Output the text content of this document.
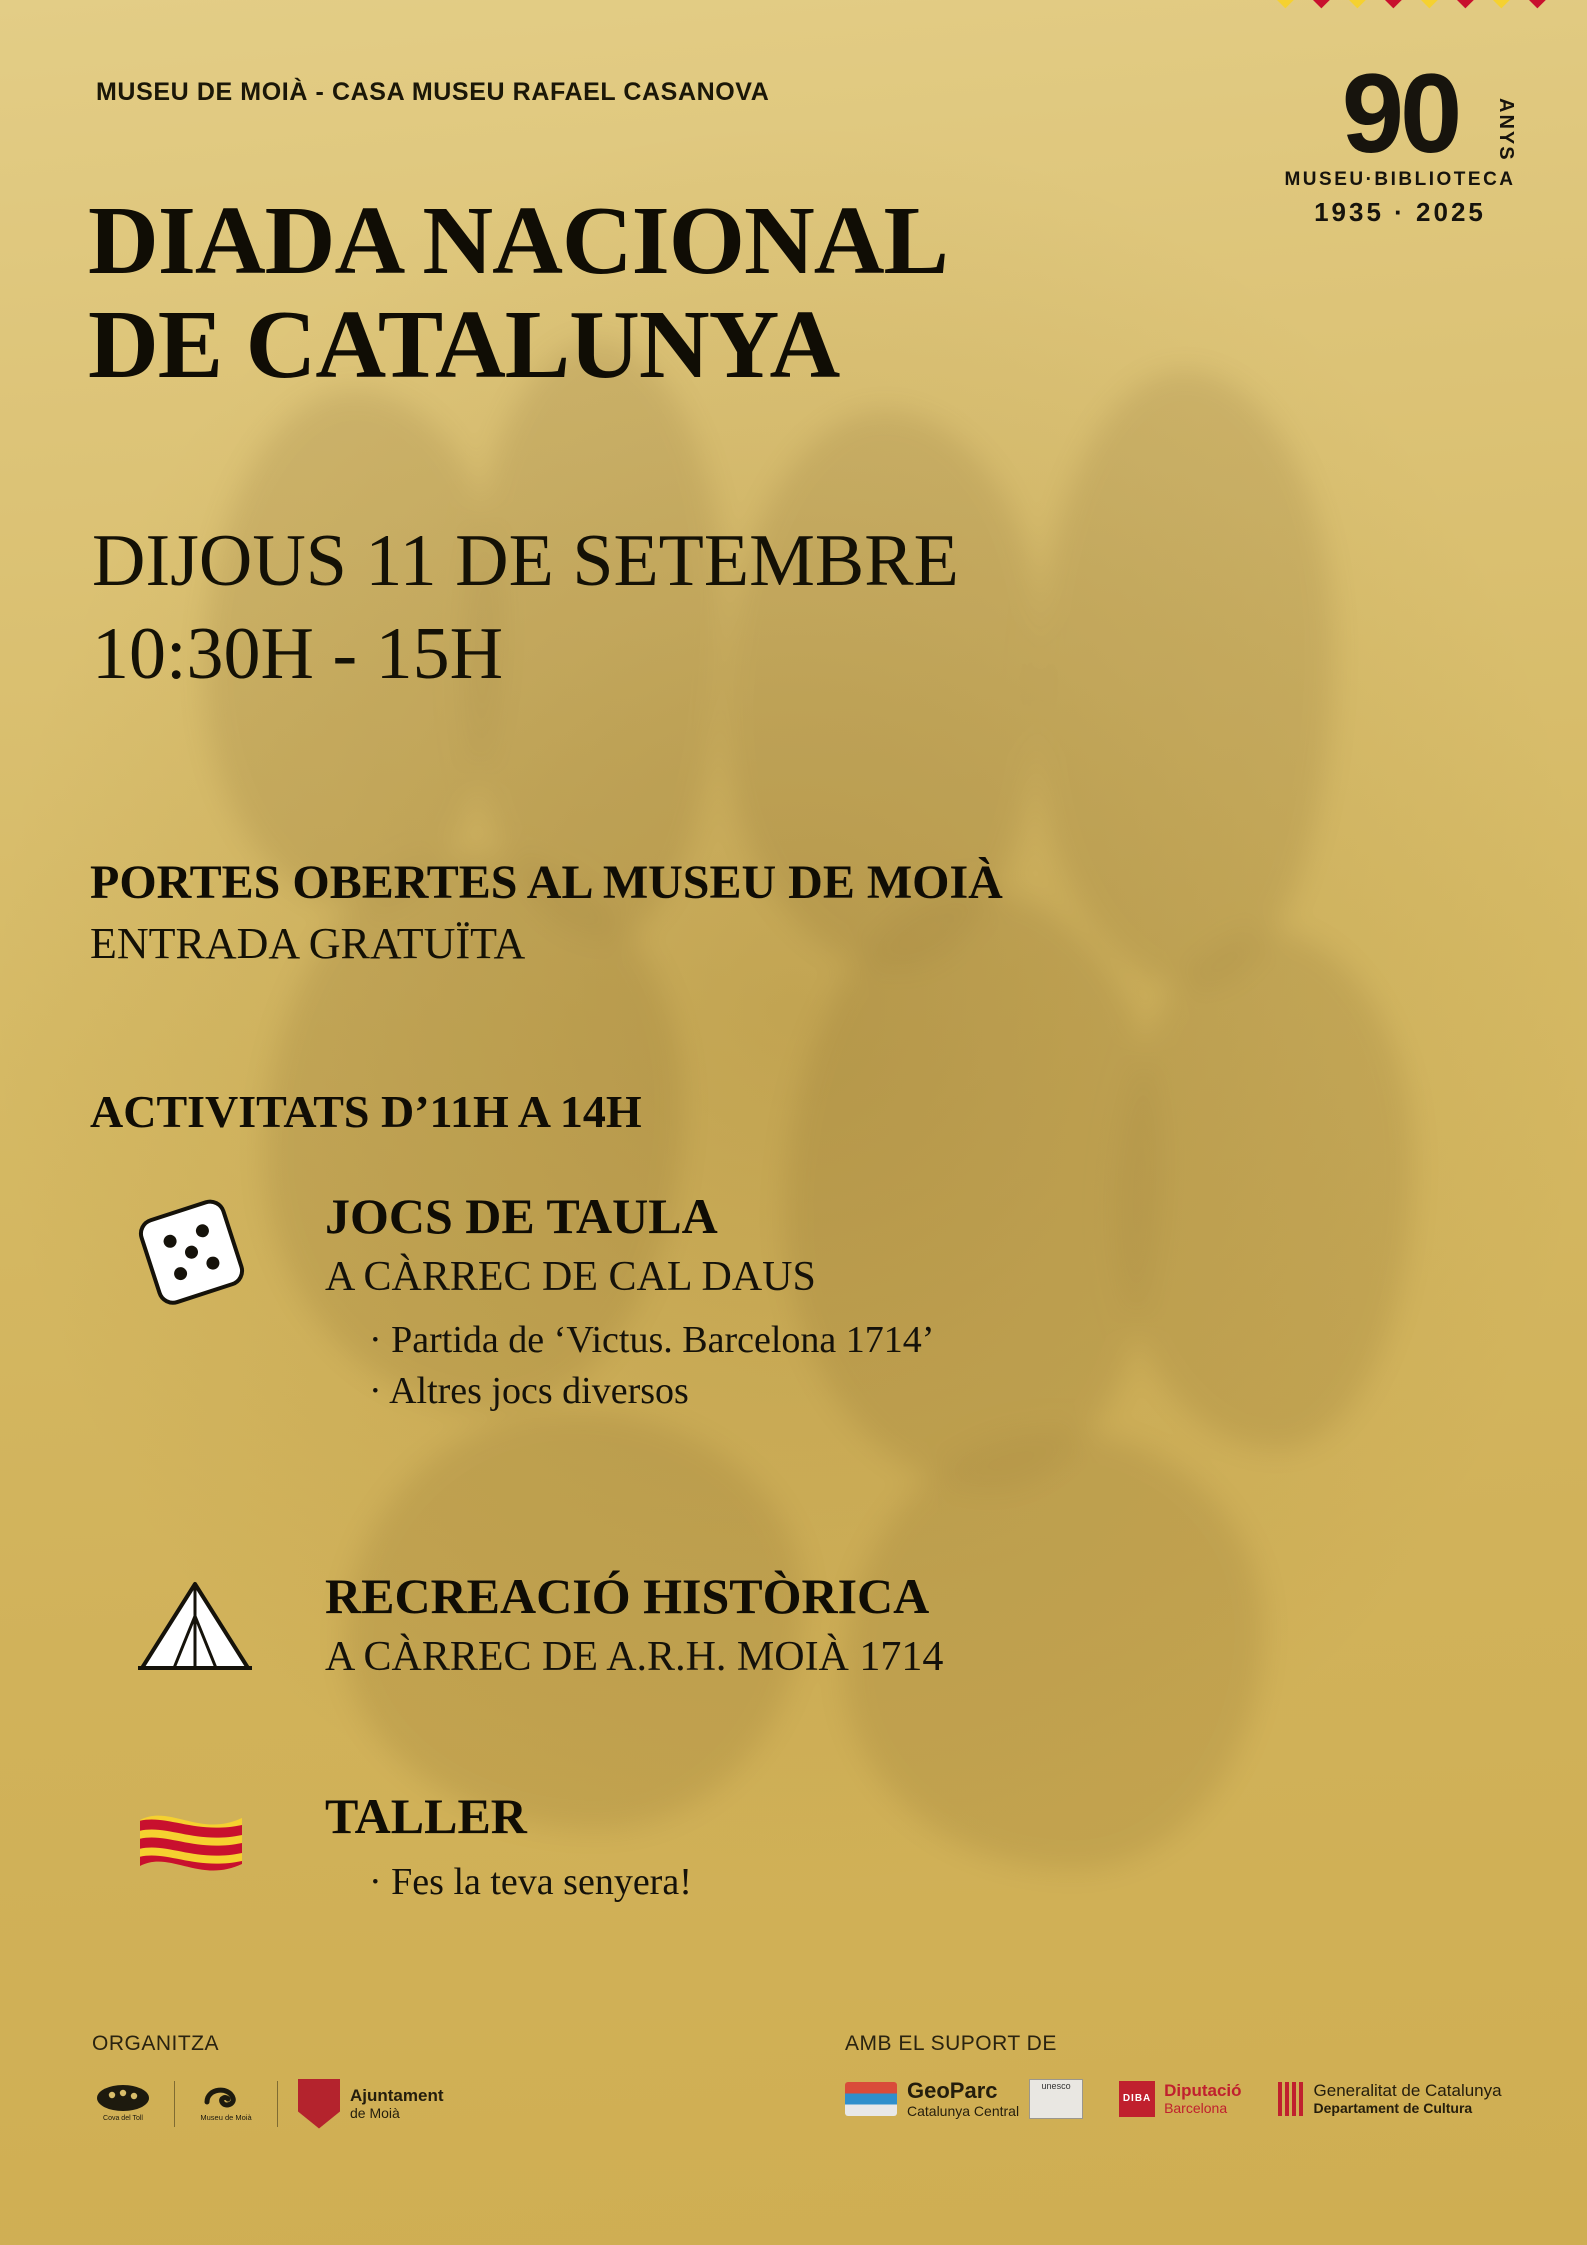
90	ANYS
MUSEU·BIBLIOTECA
1935 · 2025
MUSEU DE MOIÀ - CASA MUSEU RAFAEL CASANOVA
DIADA NACIONAL
DE CATALUNYA
DIJOUS 11 DE SETEMBRE
10:30H - 15H
PORTES OBERTES AL MUSEU DE MOIÀ
ENTRADA GRATUÏTA
ACTIVITATS D’11H A 14H
JOCS DE TAULA
A CÀRREC DE CAL DAUS
· Partida de ‘Victus. Barcelona 1714’
· Altres jocs diversos
RECREACIÓ HISTÒRICA
A CÀRREC DE A.R.H. MOIÀ 1714
TALLER
· Fes la teva senyera!
ORGANITZA
Cova del Toll	Museu de Moià
Ajuntament
de Moià
AMB EL SUPORT DE
GeoParc
Catalunya Central
unesco
DIBA Diputació
Barcelona
Generalitat de Catalunya
Departament de Cultura
